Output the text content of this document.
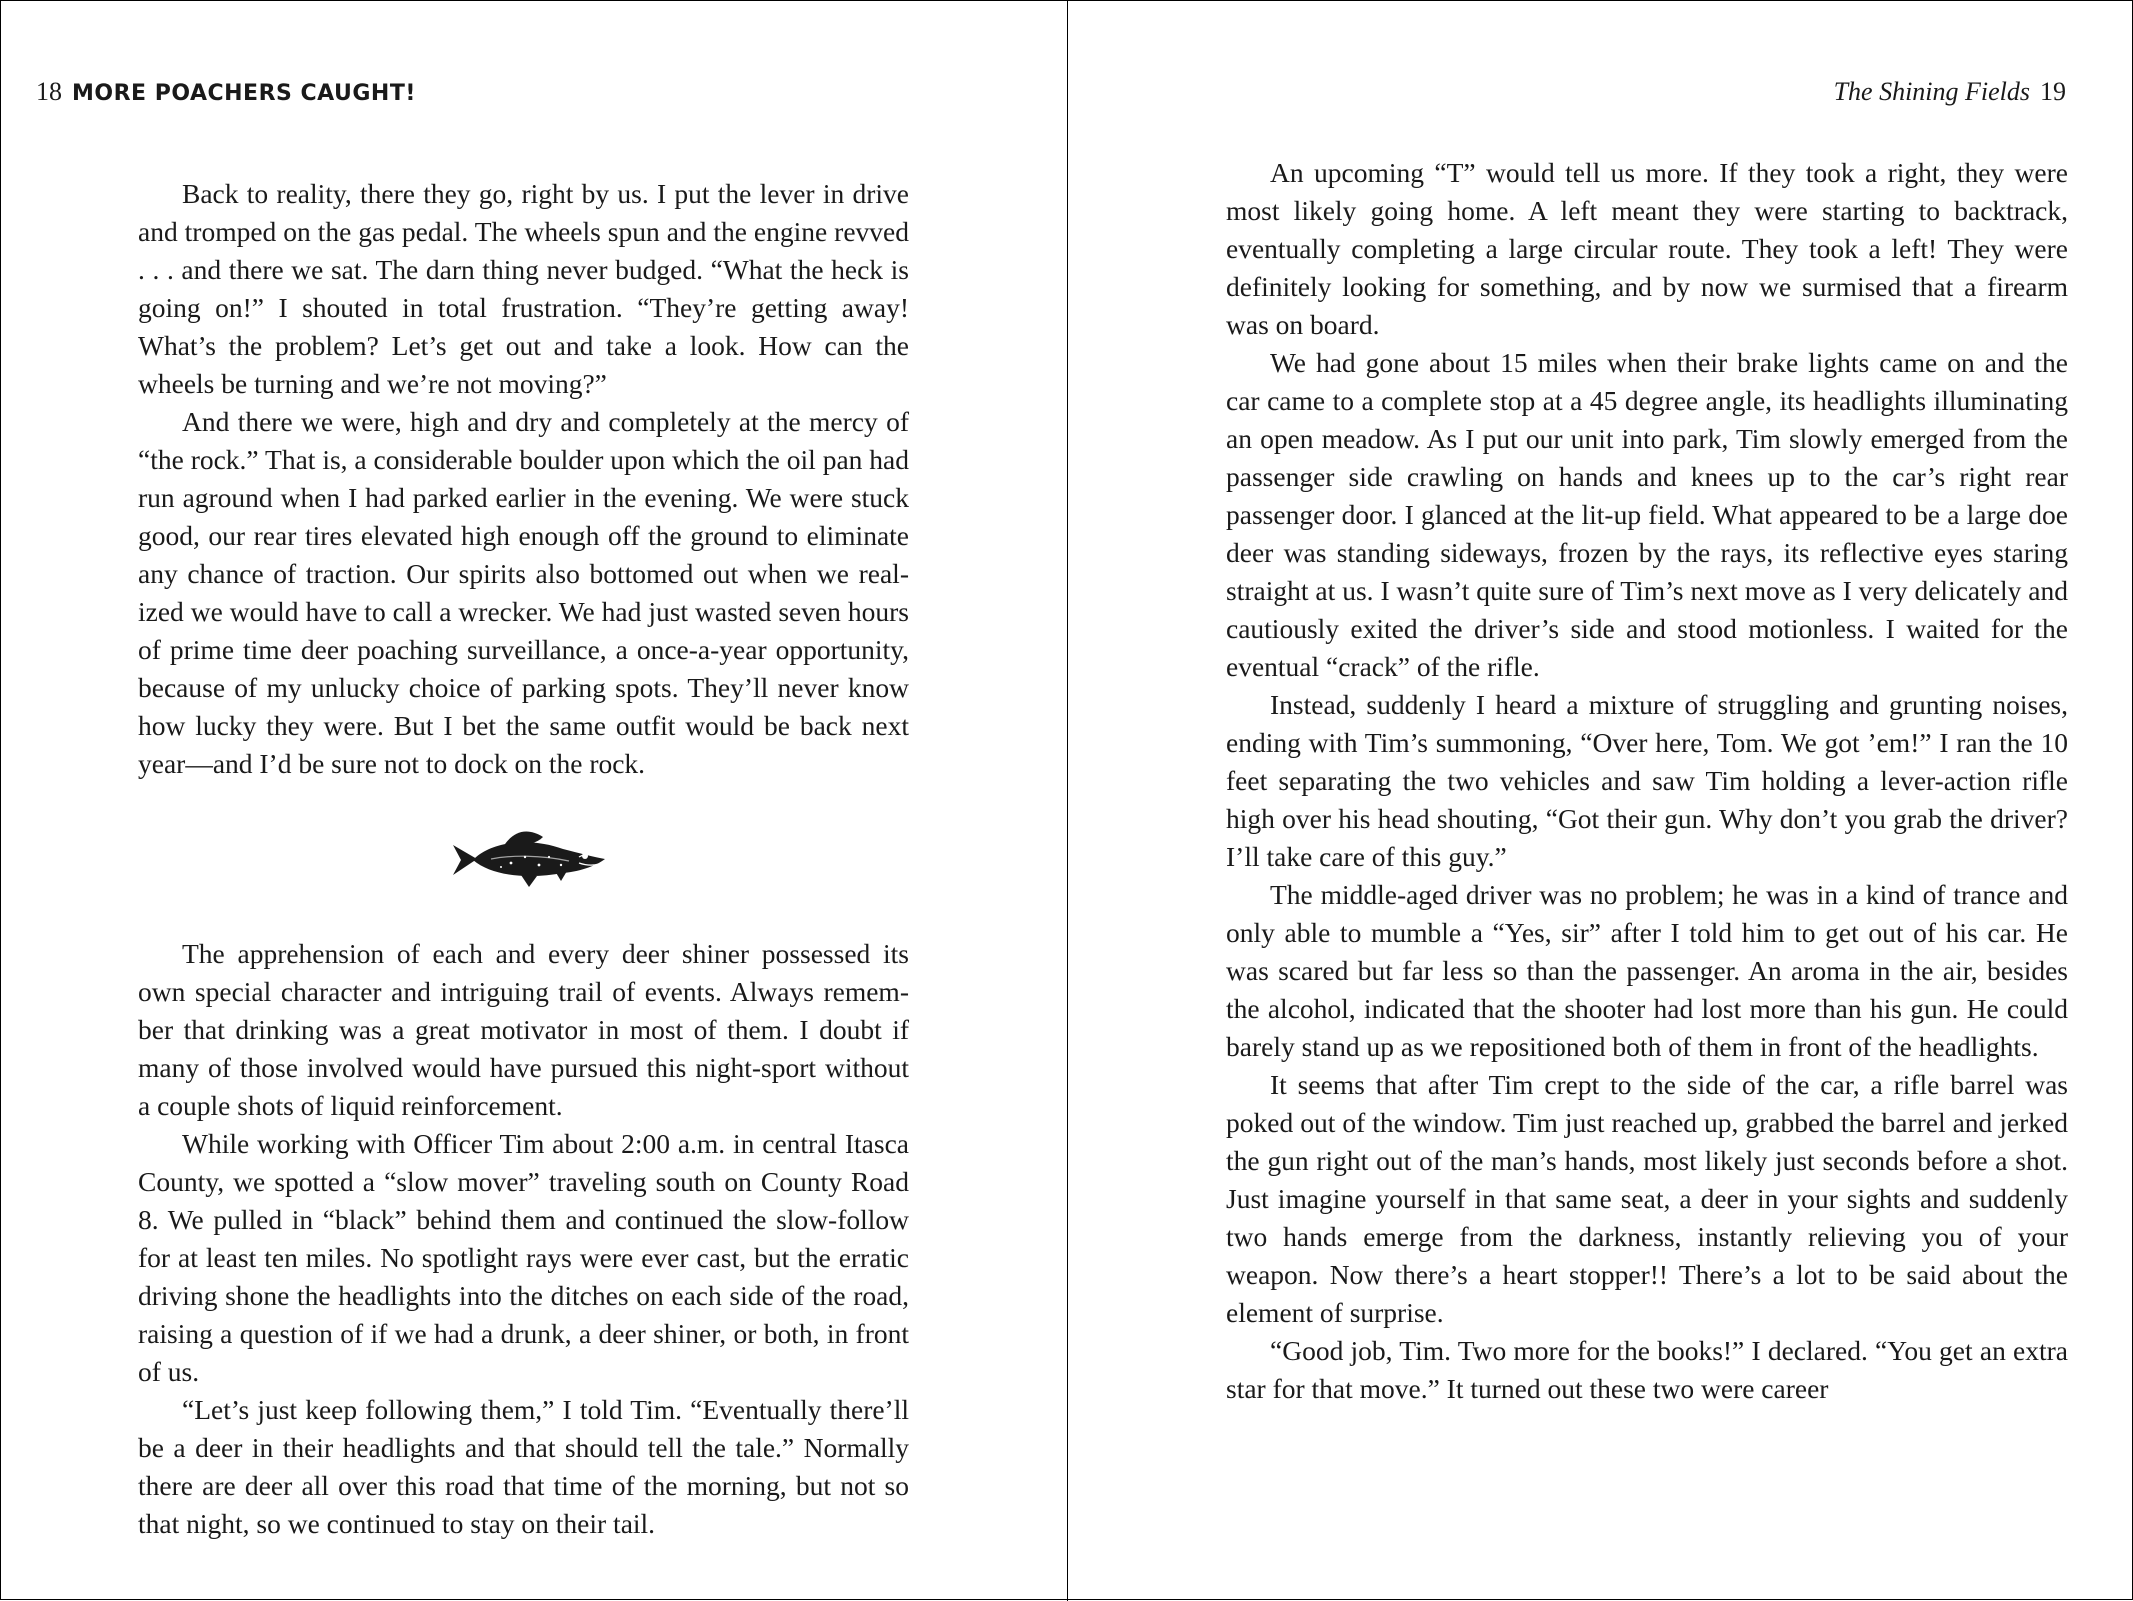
18 MORE POACHERS CAUGHT!

Back to reality, there they go, right by us. I put the lever in drive and tromped on the gas pedal. The wheels spun and the engine revved . . . and there we sat. The darn thing never budged. “What the heck is going on!” I shouted in total frustration. “They’re getting away! What’s the problem? Let’s get out and take a look. How can the wheels be turning and we’re not moving?”

And there we were, high and dry and completely at the mercy of “the rock.” That is, a considerable boulder upon which the oil pan had run aground when I had parked earlier in the evening. We were stuck good, our rear tires elevated high enough off the ground to eliminate any chance of traction. Our spirits also bottomed out when we realized we would have to call a wrecker. We had just wasted seven hours of prime time deer poaching surveillance, a once-a-year opportunity, because of my unlucky choice of parking spots. They’ll never know how lucky they were. But I bet the same outfit would be back next year—and I’d be sure not to dock on the rock.

The apprehension of each and every deer shiner possessed its own special character and intriguing trail of events. Always remember that drinking was a great motivator in most of them. I doubt if many of those involved would have pursued this night-sport without a couple shots of liquid reinforcement.

While working with Officer Tim about 2:00 a.m. in central Itasca County, we spotted a “slow mover” traveling south on County Road 8. We pulled in “black” behind them and continued the slow-follow for at least ten miles. No spotlight rays were ever cast, but the erratic driving shone the headlights into the ditches on each side of the road, raising a question of if we had a drunk, a deer shiner, or both, in front of us.

“Let’s just keep following them,” I told Tim. “Eventually there’ll be a deer in their headlights and that should tell the tale.” Normally there are deer all over this road that time of the morning, but not so that night, so we continued to stay on their tail.

The Shining Fields 19

An upcoming “T” would tell us more. If they took a right, they were most likely going home. A left meant they were starting to backtrack, eventually completing a large circular route. They took a left! They were definitely looking for something, and by now we surmised that a firearm was on board.

We had gone about 15 miles when their brake lights came on and the car came to a complete stop at a 45 degree angle, its headlights illuminating an open meadow. As I put our unit into park, Tim slowly emerged from the passenger side crawling on hands and knees up to the car’s right rear passenger door. I glanced at the lit-up field. What appeared to be a large doe deer was standing sideways, frozen by the rays, its reflective eyes staring straight at us. I wasn’t quite sure of Tim’s next move as I very delicately and cautiously exited the driver’s side and stood motionless. I waited for the eventual “crack” of the rifle.

Instead, suddenly I heard a mixture of struggling and grunting noises, ending with Tim’s summoning, “Over here, Tom. We got ’em!” I ran the 10 feet separating the two vehicles and saw Tim holding a lever-action rifle high over his head shouting, “Got their gun. Why don’t you grab the driver? I’ll take care of this guy.”

The middle-aged driver was no problem; he was in a kind of trance and only able to mumble a “Yes, sir” after I told him to get out of his car. He was scared but far less so than the passenger. An aroma in the air, besides the alcohol, indicated that the shooter had lost more than his gun. He could barely stand up as we repositioned both of them in front of the headlights.

It seems that after Tim crept to the side of the car, a rifle barrel was poked out of the window. Tim just reached up, grabbed the barrel and jerked the gun right out of the man’s hands, most likely just seconds before a shot. Just imagine yourself in that same seat, a deer in your sights and suddenly two hands emerge from the darkness, instantly relieving you of your weapon. Now there’s a heart stopper!! There’s a lot to be said about the element of surprise.

“Good job, Tim. Two more for the books!” I declared. “You get an extra star for that move.” It turned out these two were career
